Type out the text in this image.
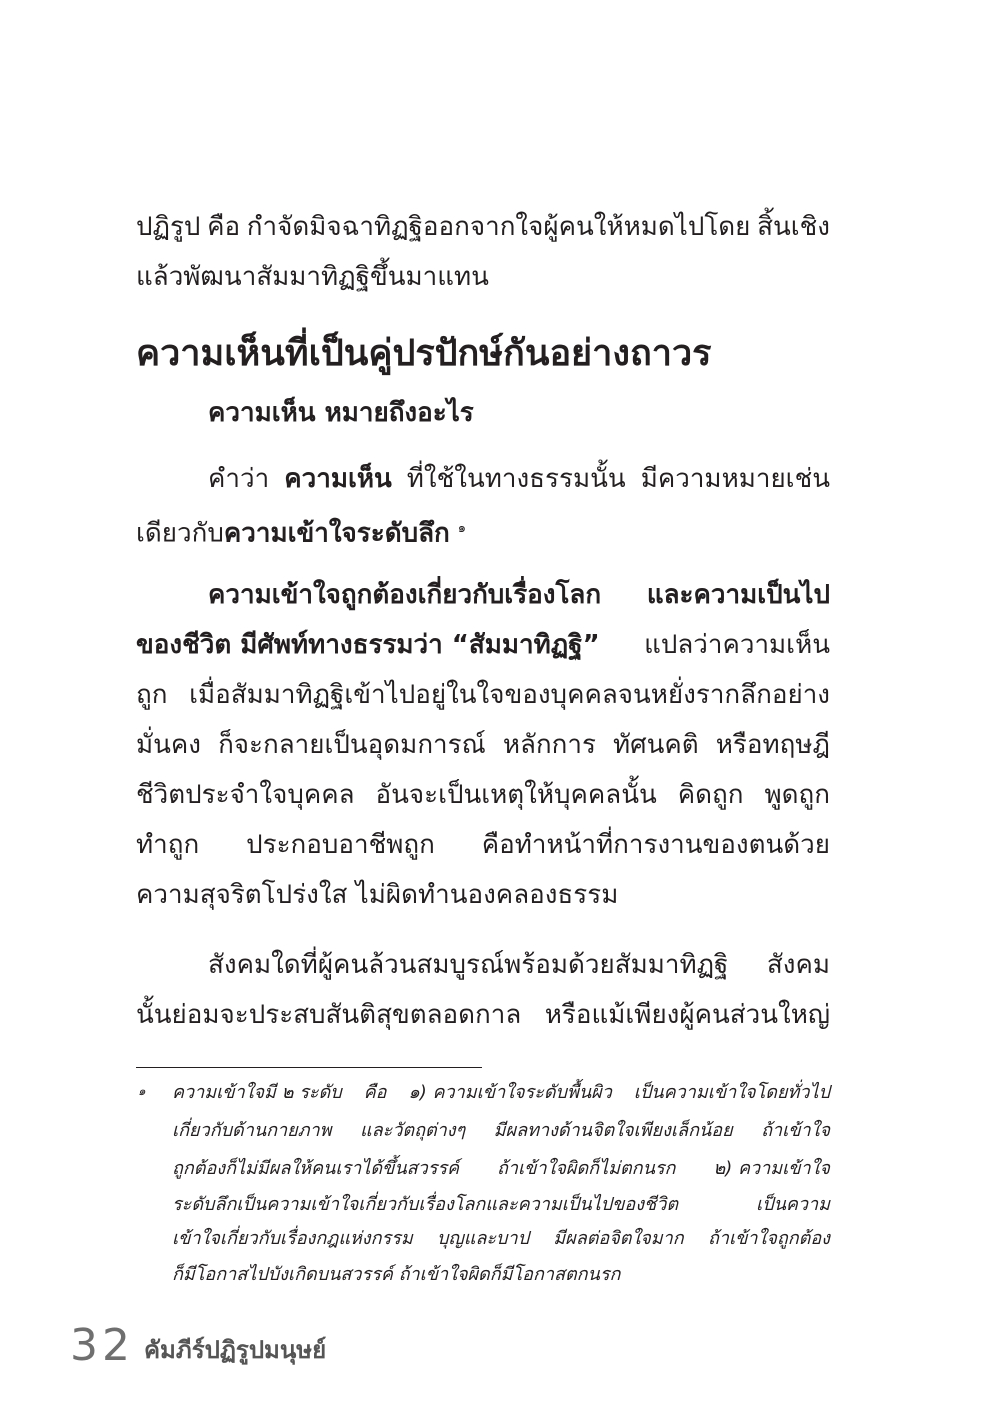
ปฏิรูป คือ กำจัดมิจฉาทิฏฐิออกจากใจผู้คนให้หมดไปโดย สิ้นเชิง
แล้วพัฒนาสัมมาทิฏฐิขึ้นมาแทน
ความเห็นที่เป็นคู่ปรปักษ์กันอย่างถาวร
ความเห็น หมายถึงอะไร
คำว่า ความเห็น ที่ใช้ในทางธรรมนั้น มีความหมายเช่น
เดียวกับความเข้าใจระดับลึก $^๑$
ความเข้าใจถูกต้องเกี่ยวกับเรื่องโลก และความเป็นไป
ของชีวิต มีศัพท์ทางธรรมว่า “สัมมาทิฏฐิ” แปลว่าความเห็น
ถูก เมื่อสัมมาทิฏฐิเข้าไปอยู่ในใจของบุคคลจนหยั่งรากลึกอย่าง
มั่นคง ก็จะกลายเป็นอุดมการณ์ หลักการ ทัศนคติ หรือทฤษฎี
ชีวิตประจำใจบุคคล อันจะเป็นเหตุให้บุคคลนั้น คิดถูก พูดถูก
ทำถูก ประกอบอาชีพถูก คือทำหน้าที่การงานของตนด้วย
ความสุจริตโปร่งใส ไม่ผิดทำนองคลองธรรม
สังคมใดที่ผู้คนล้วนสมบูรณ์พร้อมด้วยสัมมาทิฏฐิ สังคม
นั้นย่อมจะประสบสันติสุขตลอดกาล หรือแม้เพียงผู้คนส่วนใหญ่
๑ ความเข้าใจมี ๒ ระดับ คือ ๑) ความเข้าใจระดับพื้นผิว เป็นความเข้าใจโดยทั่วไป
เกี่ยวกับด้านกายภาพ และวัตถุต่างๆ มีผลทางด้านจิตใจเพียงเล็กน้อย ถ้าเข้าใจ
ถูกต้องก็ไม่มีผลให้คนเราได้ขึ้นสวรรค์ ถ้าเข้าใจผิดก็ไม่ตกนรก ๒) ความเข้าใจ
ระดับลึกเป็นความเข้าใจเกี่ยวกับเรื่องโลกและความเป็นไปของชีวิต	เป็นความ
เข้าใจเกี่ยวกับเรื่องกฎแห่งกรรม บุญและบาป มีผลต่อจิตใจมาก ถ้าเข้าใจถูกต้อง
ก็มีโอกาสไปบังเกิดบนสวรรค์ ถ้าเข้าใจผิดก็มีโอกาสตกนรก
32 คัมภีร์ปฏิรูปมนุษย์
